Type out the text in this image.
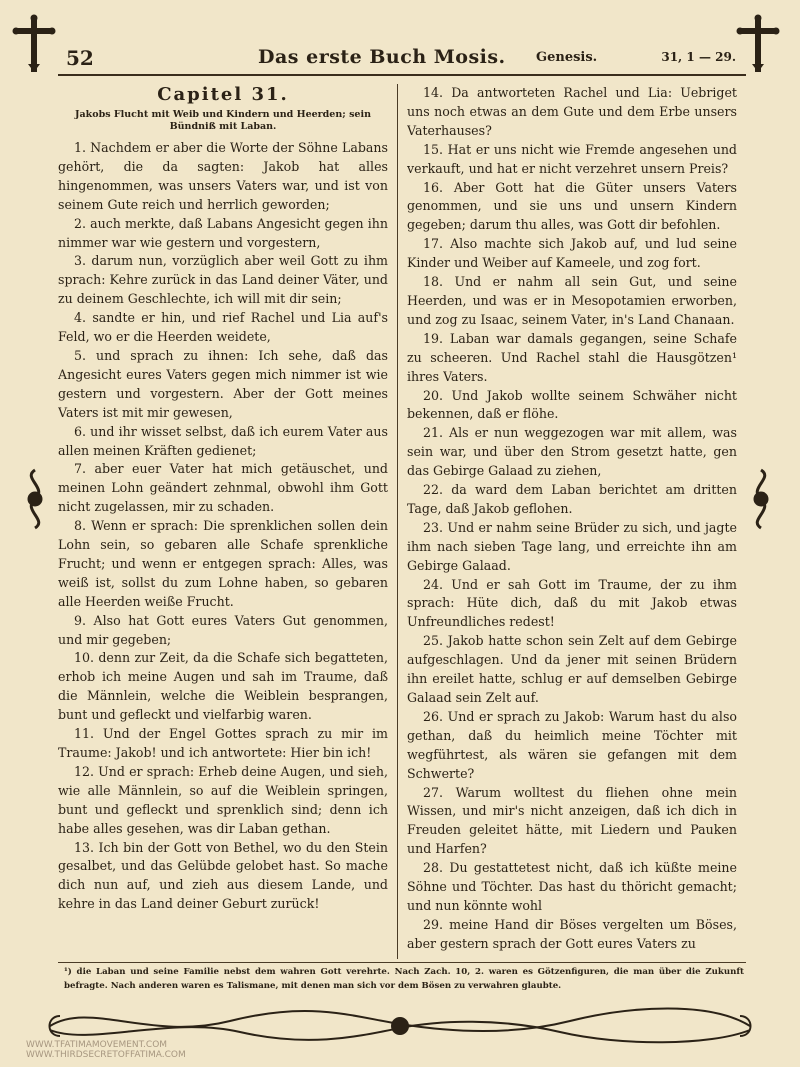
52	Das erste Buch Mosis. Genesis.	31, 1 — 29.
Capitel 31.
Jakobs Flucht mit Weib und Kindern und Heerden; sein Bündniß mit Laban.

1. Nachdem er aber die Worte der Söhne Labans gehört, die da sagten: Jakob hat alles hingenommen, was unsers Vaters war, und ist von seinem Gute reich und herrlich geworden;

2. auch merkte, daß Labans Angesicht gegen ihn nimmer war wie gestern und vorgestern,

3. darum nun, vorzüglich aber weil Gott zu ihm sprach: Kehre zurück in das Land deiner Väter, und zu deinem Geschlechte, ich will mit dir sein;

4. sandte er hin, und rief Rachel und Lia auf's Feld, wo er die Heerden weidete,

5. und sprach zu ihnen: Ich sehe, daß das Angesicht eures Vaters gegen mich nimmer ist wie gestern und vorgestern. Aber der Gott meines Vaters ist mit mir gewesen,

6. und ihr wisset selbst, daß ich eurem Vater aus allen meinen Kräften gedienet;

7. aber euer Vater hat mich getäuschet, und meinen Lohn geändert zehnmal, obwohl ihm Gott nicht zugelassen, mir zu schaden.

8. Wenn er sprach: Die sprenklichen sollen dein Lohn sein, so gebaren alle Schafe sprenkliche Frucht; und wenn er entgegen sprach: Alles, was weiß ist, sollst du zum Lohne haben, so gebaren alle Heerden weiße Frucht.

9. Also hat Gott eures Vaters Gut genommen, und mir gegeben;

10. denn zur Zeit, da die Schafe sich begatteten, erhob ich meine Augen und sah im Traume, daß die Männlein, welche die Weiblein besprangen, bunt und gefleckt und vielfarbig waren.

11. Und der Engel Gottes sprach zu mir im Traume: Jakob! und ich antwortete: Hier bin ich!

12. Und er sprach: Erheb deine Augen, und sieh, wie alle Männlein, so auf die Weiblein springen, bunt und gefleckt und sprenklich sind; denn ich habe alles gesehen, was dir Laban gethan.

13. Ich bin der Gott von Bethel, wo du den Stein gesalbet, und das Gelübde gelobet hast. So mache dich nun auf, und zieh aus diesem Lande, und kehre in das Land deiner Geburt zurück!

14. Da antworteten Rachel und Lia: Uebriget uns noch etwas an dem Gute und dem Erbe unsers Vaterhauses?

15. Hat er uns nicht wie Fremde angesehen und verkauft, und hat er nicht verzehret unsern Preis?

16. Aber Gott hat die Güter unsers Vaters genommen, und sie uns und unsern Kindern gegeben; darum thu alles, was Gott dir befohlen.

17. Also machte sich Jakob auf, und lud seine Kinder und Weiber auf Kameele, und zog fort.

18. Und er nahm all sein Gut, und seine Heerden, und was er in Mesopotamien erworben, und zog zu Isaac, seinem Vater, in's Land Chanaan.

19. Laban war damals gegangen, seine Schafe zu scheeren. Und Rachel stahl die Hausgötzen¹ ihres Vaters.

20. Und Jakob wollte seinem Schwäher nicht bekennen, daß er flöhe.

21. Als er nun weggezogen war mit allem, was sein war, und über den Strom gesetzt hatte, gen das Gebirge Galaad zu ziehen,

22. da ward dem Laban berichtet am dritten Tage, daß Jakob geflohen.

23. Und er nahm seine Brüder zu sich, und jagte ihm nach sieben Tage lang, und erreichte ihn am Gebirge Galaad.

24. Und er sah Gott im Traume, der zu ihm sprach: Hüte dich, daß du mit Jakob etwas Unfreundliches redest!

25. Jakob hatte schon sein Zelt auf dem Gebirge aufgeschlagen. Und da jener mit seinen Brüdern ihn ereilet hatte, schlug er auf demselben Gebirge Galaad sein Zelt auf.

26. Und er sprach zu Jakob: Warum hast du also gethan, daß du heimlich meine Töchter mit wegführtest, als wären sie gefangen mit dem Schwerte?

27. Warum wolltest du fliehen ohne mein Wissen, und mir's nicht anzeigen, daß ich dich in Freuden geleitet hätte, mit Liedern und Pauken und Harfen?

28. Du gestattetest nicht, daß ich küßte meine Söhne und Töchter. Das hast du thöricht gemacht; und nun könnte wohl

29. meine Hand dir Böses vergelten um Böses, aber gestern sprach der Gott eures Vaters zu

¹) die Laban und seine Familie nebst dem wahren Gott verehrte. Nach Zach. 10, 2. waren es Götzenfiguren, die man über die Zukunft befragte. Nach anderen waren es Talismane, mit denen man sich vor dem Bösen zu verwahren glaubte.
WWW.TFATIMAMOVEMENT.COM
WWW.THIRDSECRETOFFATIMA.COM
